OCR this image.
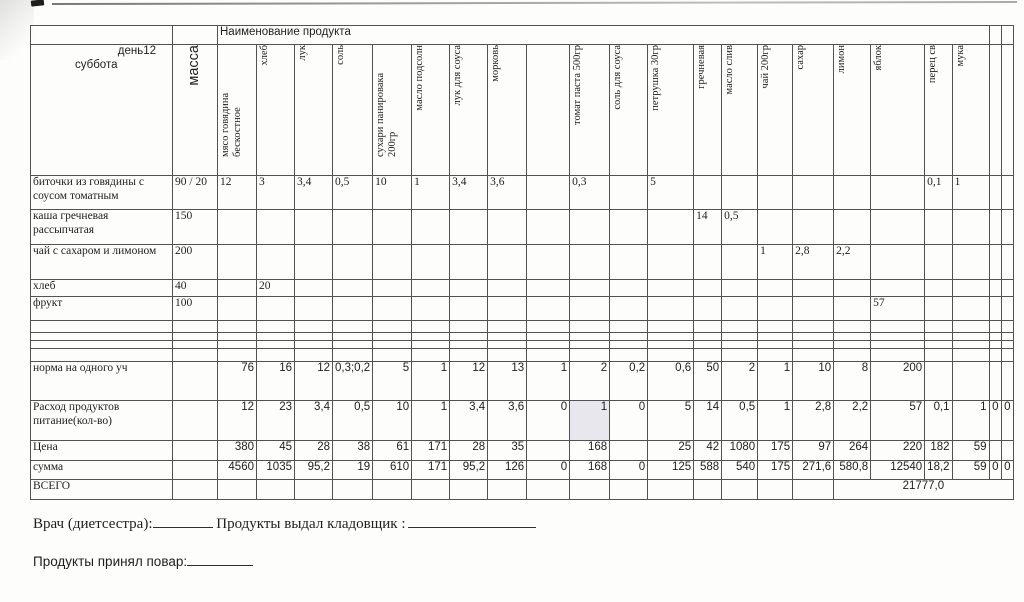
		Наименование продукта																					

день12
суббота	масса	мясо говядина бескостное	хлеб	лук	соль	сухари панировака 200гр	масло подсолн	лук для соуса	морковь		томат паста 500гр	соль для соуса	петрушка 30гр	гречневая	масло слив	чай 200гр	сахар	лимон	яблок	перец св	мука		
биточки из говядины с соусом томатным	90 / 20	12	3	3,4	0,5	10	1	3,4	3,6		0,3		5							0,1	1		
каша гречневая рассыпчатая	150													14	0,5								
чай с сахаром и лимоном	200															1	2,8	2,2					
хлеб	40		20																				
фрукт	100																		57				

норма на одного уч		76	16	12	0,3;0,2	5	1	12	13	1	2	0,2	0,6	50	2	1	10	8	200				
Расход продуктов питание(кол-во)		12	23	3,4	0,5	10	1	3,4	3,6	0	1	0	5	14	0,5	1	2,8	2,2	57	0,1	1	0	0
Цена		380	45	28	38	61	171	28	35		168		25	42	1080	175	97	264	220	182	59		
сумма		4560	1035	95,2	19	610	171	95,2	126	0	168	0	125	588	540	175	271,6	580,8	12540	18,2	59	0	0
ВСЕГО																		21777,0					
Врач (диетсестра):	Продукты выдал кладовщик :
Продукты принял повар:
